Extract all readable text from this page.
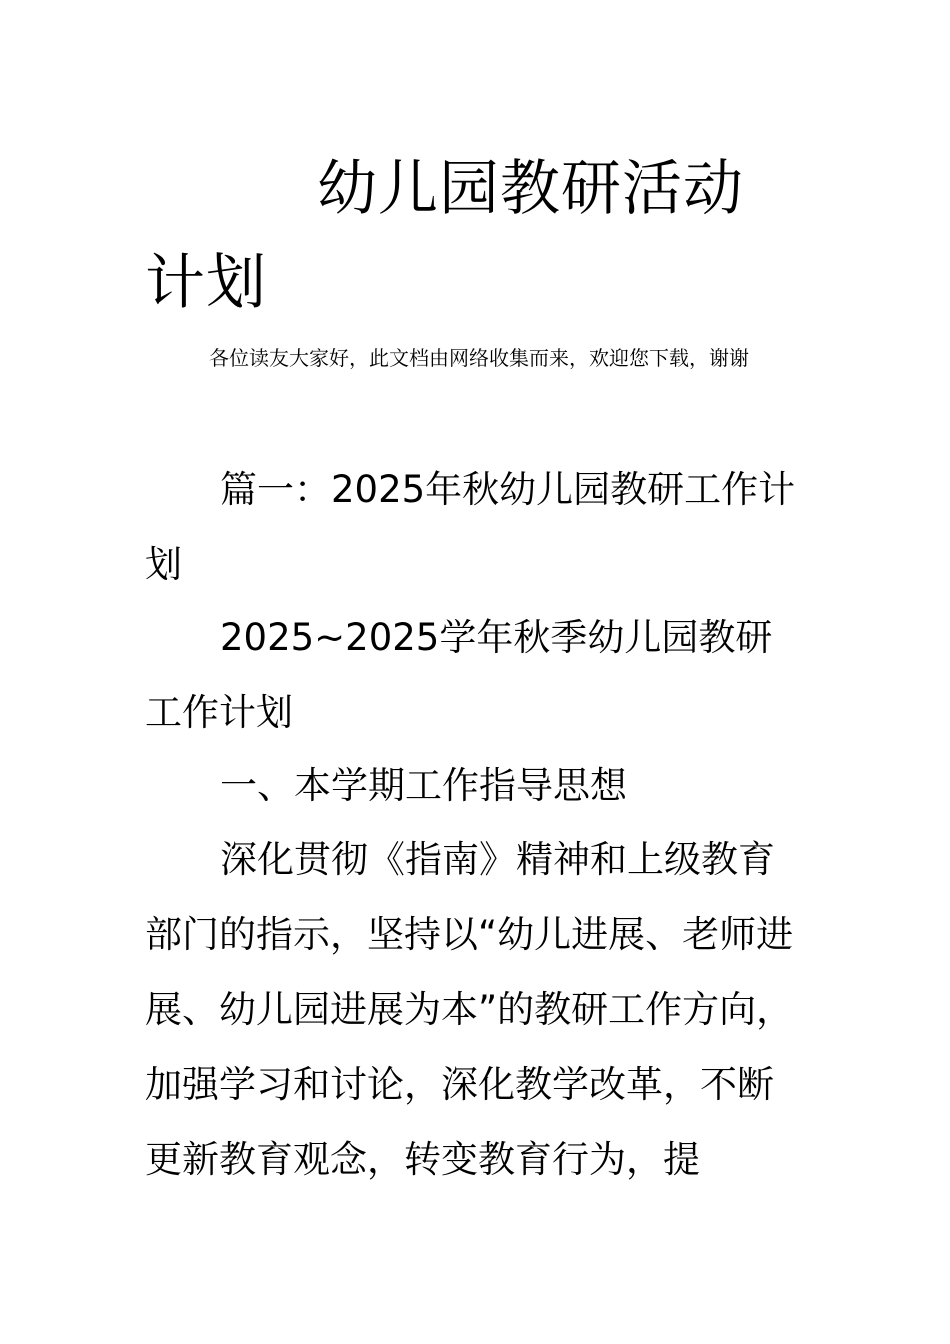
幼儿园教研活动计划

各位读友大家好，此文档由网络收集而来，欢迎您下载，谢谢

篇一：2025年秋幼儿园教研工作计划

2025~2025学年秋季幼儿园教研工作计划

一、本学期工作指导思想

深化贯彻《指南》精神和上级教育部门的指示，坚持以“幼儿进展、老师进展、幼儿园进展为本”的教研工作方向，加强学习和讨论，深化教学改革，不断更新教育观念，转变教育行为，提
